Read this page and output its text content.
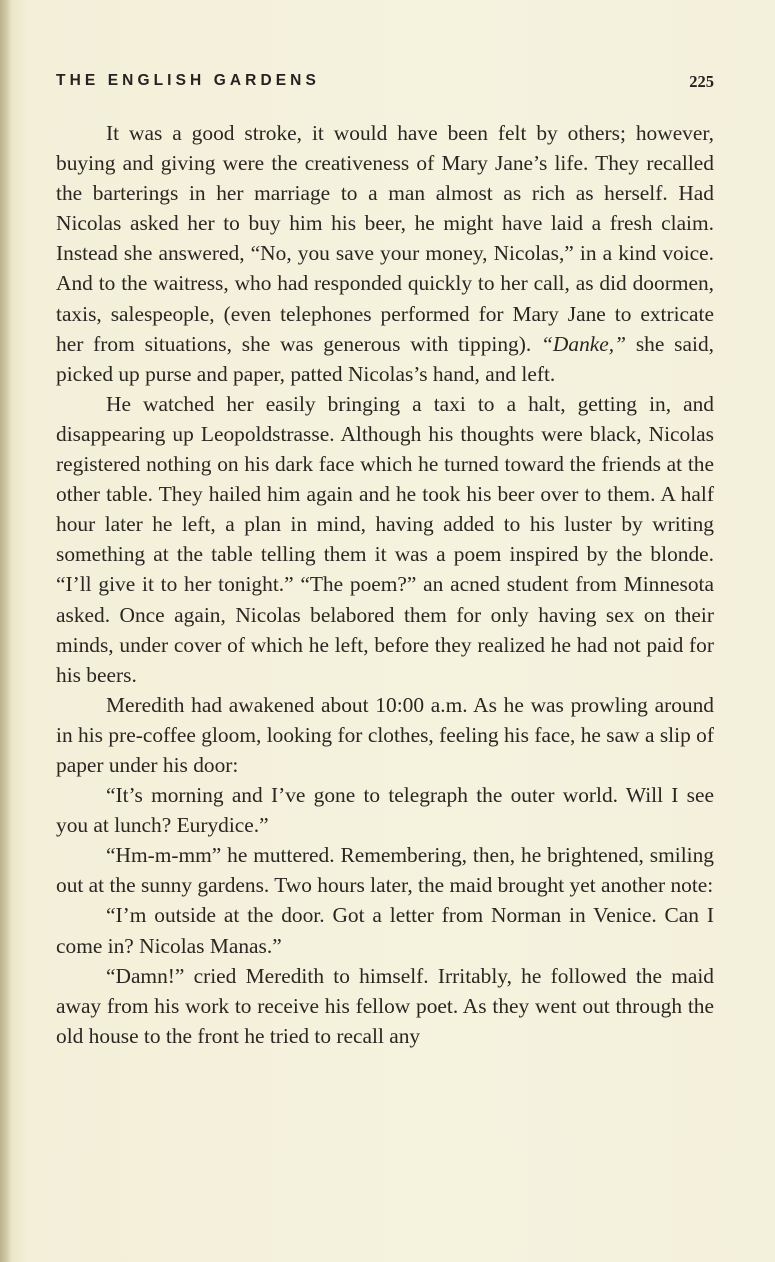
THE ENGLISH GARDENS	225

It was a good stroke, it would have been felt by others; however, buying and giving were the creativeness of Mary Jane’s life. They recalled the barterings in her marriage to a man almost as rich as herself. Had Nicolas asked her to buy him his beer, he might have laid a fresh claim. Instead she answered, “No, you save your money, Nicolas,” in a kind voice. And to the waitress, who had responded quickly to her call, as did doormen, taxis, salespeople, (even telephones performed for Mary Jane to extricate her from situations, she was generous with tipping). “Danke,” she said, picked up purse and paper, patted Nicolas’s hand, and left.

He watched her easily bringing a taxi to a halt, getting in, and disappearing up Leopoldstrasse. Although his thoughts were black, Nicolas registered nothing on his dark face which he turned toward the friends at the other table. They hailed him again and he took his beer over to them. A half hour later he left, a plan in mind, having added to his luster by writing something at the table telling them it was a poem inspired by the blonde. “I’ll give it to her tonight.” “The poem?” an acned student from Minnesota asked. Once again, Nicolas belabored them for only having sex on their minds, under cover of which he left, before they realized he had not paid for his beers.

Meredith had awakened about 10:00 a.m. As he was prowling around in his pre-coffee gloom, looking for clothes, feeling his face, he saw a slip of paper under his door:

“It’s morning and I’ve gone to telegraph the outer world. Will I see you at lunch? Eurydice.”

“Hm-m-mm” he muttered. Remembering, then, he brightened, smiling out at the sunny gardens. Two hours later, the maid brought yet another note:

“I’m outside at the door. Got a letter from Norman in Venice. Can I come in? Nicolas Manas.”

“Damn!” cried Meredith to himself. Irritably, he followed the maid away from his work to receive his fellow poet. As they went out through the old house to the front he tried to recall any
